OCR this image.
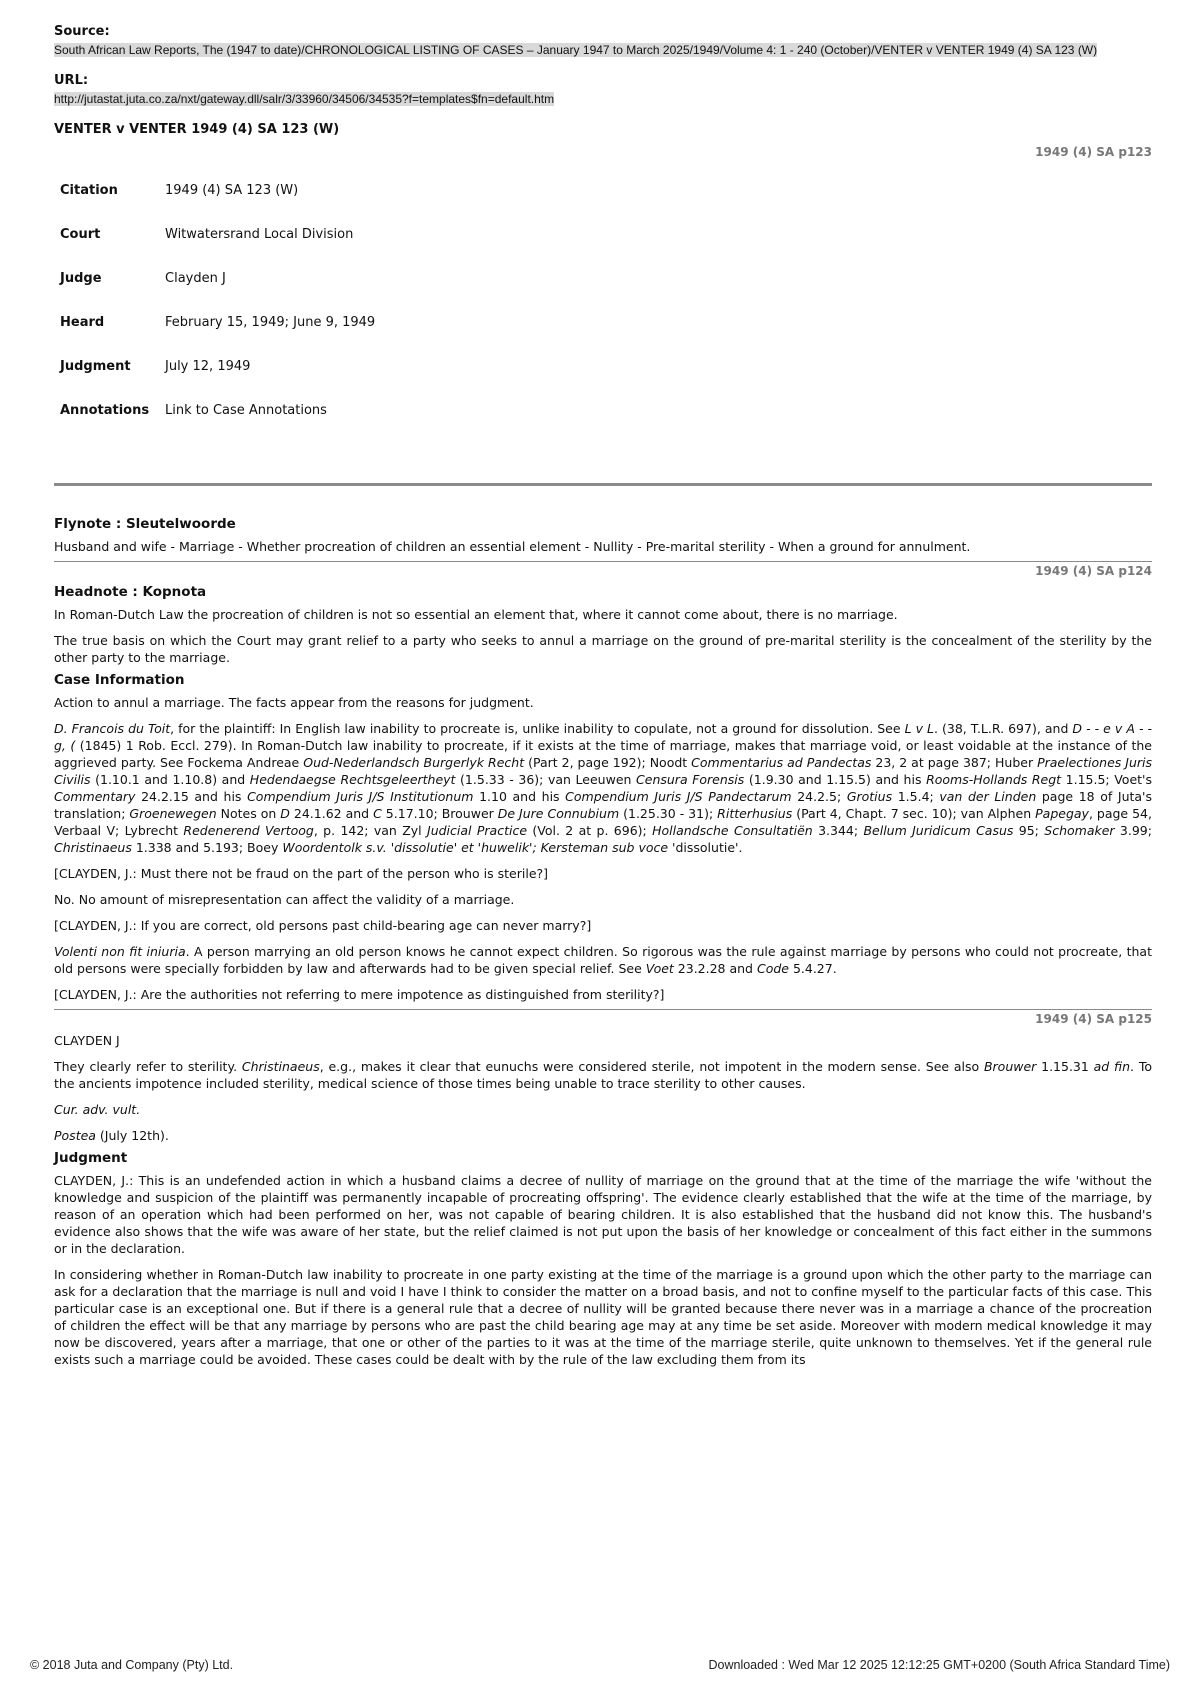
Source:
South African Law Reports, The (1947 to date)/CHRONOLOGICAL LISTING OF CASES – January 1947 to March 2025/1949/Volume 4: 1 - 240 (October)/VENTER v VENTER 1949 (4) SA 123 (W)
URL:
http://jutastat.juta.co.za/nxt/gateway.dll/salr/3/33960/34506/34535?f=templates$fn=default.htm
VENTER v VENTER 1949 (4) SA 123 (W)
1949 (4) SA p123
Citation	1949 (4) SA 123 (W)
Court	Witwatersrand Local Division
Judge	Clayden J
Heard	February 15, 1949; June 9, 1949
Judgment	July 12, 1949
Annotations	Link to Case Annotations
Flynote : Sleutelwoorde

Husband and wife - Marriage - Whether procreation of children an essential element - Nullity - Pre-marital sterility - When a ground for annulment.

1949 (4) SA p124
Headnote : Kopnota

In Roman-Dutch Law the procreation of children is not so essential an element that, where it cannot come about, there is no marriage.

The true basis on which the Court may grant relief to a party who seeks to annul a marriage on the ground of pre-marital sterility is the concealment of the sterility by the other party to the marriage.

Case Information

Action to annul a marriage. The facts appear from the reasons for judgment.

D. Francois du Toit, for the plaintiff: In English law inability to procreate is, unlike inability to copulate, not a ground for dissolution. See L v L. (38, T.L.R. 697), and D - - e v A - - g, ( (1845) 1 Rob. Eccl. 279). In Roman-Dutch law inability to procreate, if it exists at the time of marriage, makes that marriage void, or least voidable at the instance of the aggrieved party. See Fockema Andreae Oud-Nederlandsch Burgerlyk Recht (Part 2, page 192); Noodt Commentarius ad Pandectas 23, 2 at page 387; Huber Praelectiones Juris Civilis (1.10.1 and 1.10.8) and Hedendaegse Rechtsgeleertheyt (1.5.33 - 36); van Leeuwen Censura Forensis (1.9.30 and 1.15.5) and his Rooms-Hollands Regt 1.15.5; Voet's Commentary 24.2.15 and his Compendium Juris J/S Institutionum 1.10 and his Compendium Juris J/S Pandectarum 24.2.5; Grotius 1.5.4; van der Linden page 18 of Juta's translation; Groenewegen Notes on D 24.1.62 and C 5.17.10; Brouwer De Jure Connubium (1.25.30 - 31); Ritterhusius (Part 4, Chapt. 7 sec. 10); van Alphen Papegay, page 54, Verbaal V; Lybrecht Redenerend Vertoog, p. 142; van Zyl Judicial Practice (Vol. 2 at p. 696); Hollandsche Consultatiën 3.344; Bellum Juridicum Casus 95; Schomaker 3.99; Christinaeus 1.338 and 5.193; Boey Woordentolk s.v. 'dissolutie' et 'huwelik'; Kersteman sub voce 'dissolutie'.

[CLAYDEN, J.: Must there not be fraud on the part of the person who is sterile?]

No. No amount of misrepresentation can affect the validity of a marriage.

[CLAYDEN, J.: If you are correct, old persons past child-bearing age can never marry?]

Volenti non fit iniuria. A person marrying an old person knows he cannot expect children. So rigorous was the rule against marriage by persons who could not procreate, that old persons were specially forbidden by law and afterwards had to be given special relief. See Voet 23.2.28 and Code 5.4.27.

[CLAYDEN, J.: Are the authorities not referring to mere impotence as distinguished from sterility?]

1949 (4) SA p125

CLAYDEN J

They clearly refer to sterility. Christinaeus, e.g., makes it clear that eunuchs were considered sterile, not impotent in the modern sense. See also Brouwer 1.15.31 ad fin. To the ancients impotence included sterility, medical science of those times being unable to trace sterility to other causes.

Cur. adv. vult.

Postea (July 12th).

Judgment

CLAYDEN, J.: This is an undefended action in which a husband claims a decree of nullity of marriage on the ground that at the time of the marriage the wife 'without the knowledge and suspicion of the plaintiff was permanently incapable of procreating offspring'. The evidence clearly established that the wife at the time of the marriage, by reason of an operation which had been performed on her, was not capable of bearing children. It is also established that the husband did not know this. The husband's evidence also shows that the wife was aware of her state, but the relief claimed is not put upon the basis of her knowledge or concealment of this fact either in the summons or in the declaration.

In considering whether in Roman-Dutch law inability to procreate in one party existing at the time of the marriage is a ground upon which the other party to the marriage can ask for a declaration that the marriage is null and void I have I think to consider the matter on a broad basis, and not to confine myself to the particular facts of this case. This particular case is an exceptional one. But if there is a general rule that a decree of nullity will be granted because there never was in a marriage a chance of the procreation of children the effect will be that any marriage by persons who are past the child bearing age may at any time be set aside. Moreover with modern medical knowledge it may now be discovered, years after a marriage, that one or other of the parties to it was at the time of the marriage sterile, quite unknown to themselves. Yet if the general rule exists such a marriage could be avoided. These cases could be dealt with by the rule of the law excluding them from its

© 2018 Juta and Company (Pty) Ltd.	Downloaded : Wed Mar 12 2025 12:12:25 GMT+0200 (South Africa Standard Time)
